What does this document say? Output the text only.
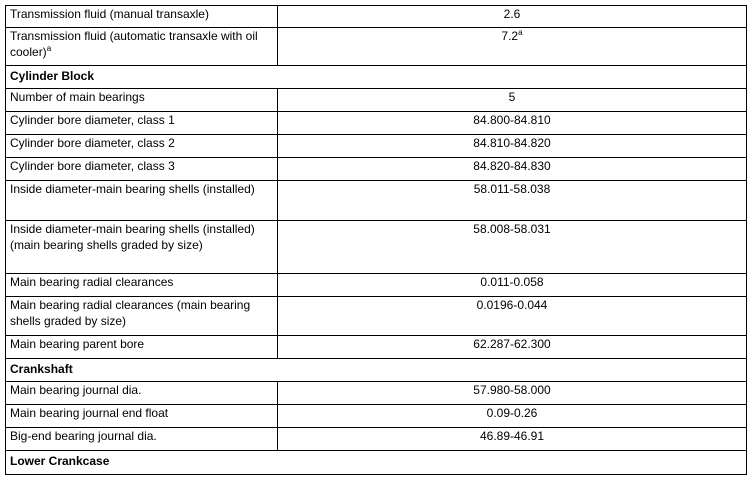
Transmission fluid (manual transaxle)	2.6
Transmission fluid (automatic transaxle with oil cooler)$^a$	7.2$^a$
Cylinder Block	
Number of main bearings	5
Cylinder bore diameter, class 1	84.800-84.810
Cylinder bore diameter, class 2	84.810-84.820
Cylinder bore diameter, class 3	84.820-84.830
Inside diameter-main bearing shells (installed)	58.011-58.038
Inside diameter-main bearing shells (installed) (main bearing shells graded by size)	58.008-58.031
Main bearing radial clearances	0.011-0.058
Main bearing radial clearances (main bearing shells graded by size)	0.0196-0.044
Main bearing parent bore	62.287-62.300
Crankshaft	
Main bearing journal dia.	57.980-58.000
Main bearing journal end float	0.09-0.26
Big-end bearing journal dia.	46.89-46.91
Lower Crankcase	
